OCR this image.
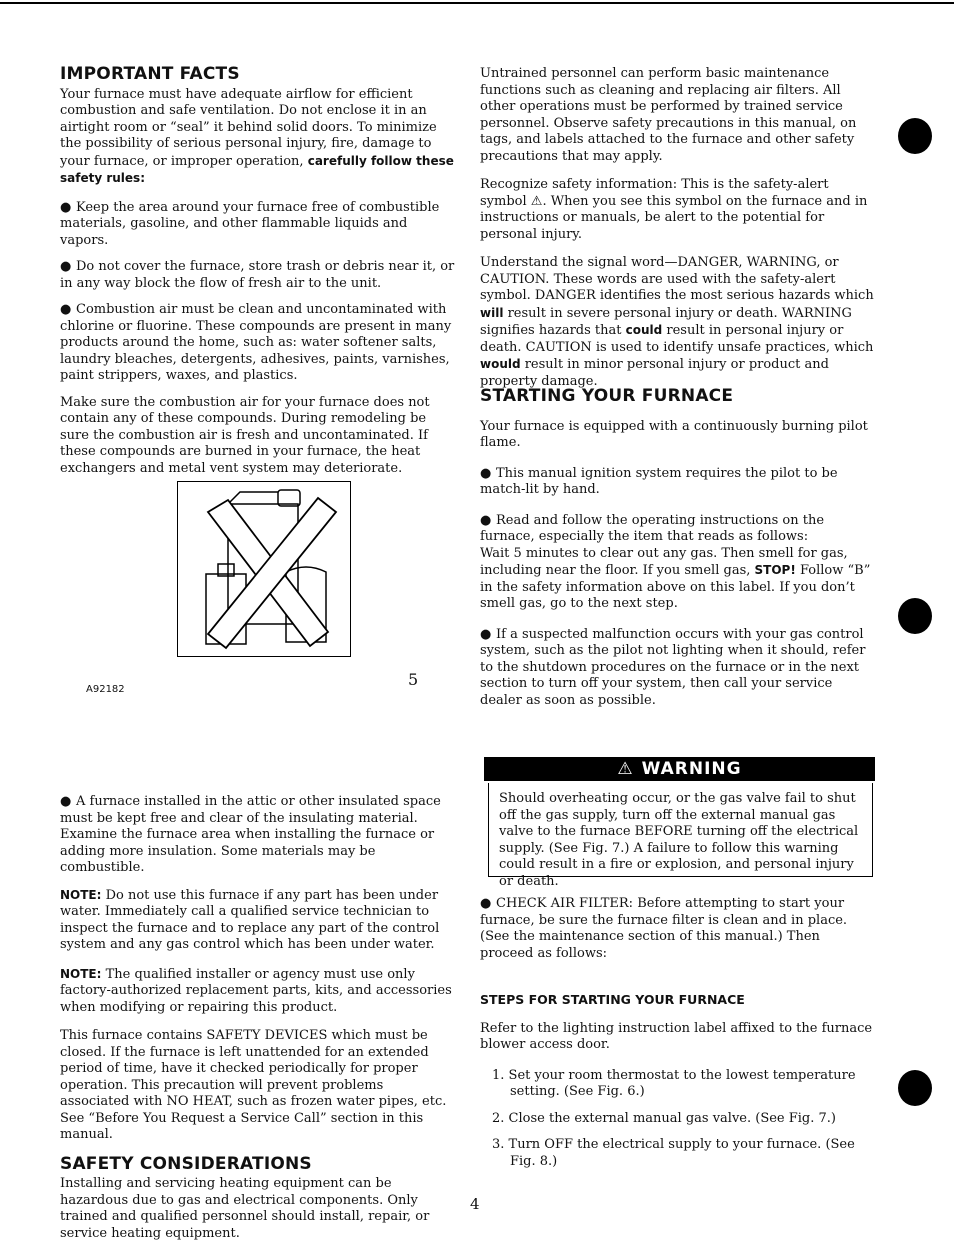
IMPORTANT FACTS

Your furnace must have adequate airflow for efficient combustion and safe ventilation. Do not enclose it in an airtight room or “seal” it behind solid doors. To minimize the possibility of serious personal injury, fire, damage to your furnace, or improper operation, carefully follow these safety rules:

● Keep the area around your furnace free of combustible materials, gasoline, and other flammable liquids and vapors.

● Do not cover the furnace, store trash or debris near it, or in any way block the flow of fresh air to the unit.

● Combustion air must be clean and uncontaminated with chlorine or fluorine. These compounds are present in many products around the home, such as: water softener salts, laundry bleaches, detergents, adhesives, paints, varnishes, paint strippers, waxes, and plastics.

Make sure the combustion air for your furnace does not contain any of these compounds. During remodeling be sure the combustion air is fresh and uncontaminated. If these compounds are burned in your furnace, the heat exchangers and metal vent system may deteriorate.

A92182
5

● A furnace installed in the attic or other insulated space must be kept free and clear of the insulating material. Examine the furnace area when installing the furnace or adding more insulation. Some materials may be combustible.

NOTE: Do not use this furnace if any part has been under water. Immediately call a qualified service technician to inspect the furnace and to replace any part of the control system and any gas control which has been under water.

NOTE: The qualified installer or agency must use only factory-authorized replacement parts, kits, and accessories when modifying or repairing this product.

This furnace contains SAFETY DEVICES which must be closed. If the furnace is left unattended for an extended period of time, have it checked periodically for proper operation. This precaution will prevent problems associated with NO HEAT, such as frozen water pipes, etc. See “Before You Request a Service Call” section in this manual.

SAFETY CONSIDERATIONS

Installing and servicing heating equipment can be hazardous due to gas and electrical components. Only trained and qualified personnel should install, repair, or service heating equipment.

Untrained personnel can perform basic maintenance functions such as cleaning and replacing air filters. All other operations must be performed by trained service personnel. Observe safety precautions in this manual, on tags, and labels attached to the furnace and other safety precautions that may apply.

Recognize safety information: This is the safety-alert symbol ⚠. When you see this symbol on the furnace and in instructions or manuals, be alert to the potential for personal injury.

Understand the signal word—DANGER, WARNING, or CAUTION. These words are used with the safety-alert symbol. DANGER identifies the most serious hazards which will result in severe personal injury or death. WARNING signifies hazards that could result in personal injury or death. CAUTION is used to identify unsafe practices, which would result in minor personal injury or product and property damage.

STARTING YOUR FURNACE

Your furnace is equipped with a continuously burning pilot flame.

● This manual ignition system requires the pilot to be match-lit by hand.

● Read and follow the operating instructions on the furnace, especially the item that reads as follows:

Wait 5 minutes to clear out any gas. Then smell for gas, including near the floor. If you smell gas, STOP! Follow “B” in the safety information above on this label. If you don’t smell gas, go to the next step.

● If a suspected malfunction occurs with your gas control system, such as the pilot not lighting when it should, refer to the shutdown procedures on the furnace or in the next section to turn off your system, then call your service dealer as soon as possible.

⚠ WARNING
Should overheating occur, or the gas valve fail to shut off the gas supply, turn off the external manual gas valve to the furnace BEFORE turning off the electrical supply. (See Fig. 7.) A failure to follow this warning could result in a fire or explosion, and personal injury or death.

● CHECK AIR FILTER: Before attempting to start your furnace, be sure the furnace filter is clean and in place. (See the maintenance section of this manual.) Then proceed as follows:

STEPS FOR STARTING YOUR FURNACE

Refer to the lighting instruction label affixed to the furnace blower access door.

1. Set your room thermostat to the lowest temperature setting. (See Fig. 6.)

2. Close the external manual gas valve. (See Fig. 7.)

3. Turn OFF the electrical supply to your furnace. (See Fig. 8.)

4
